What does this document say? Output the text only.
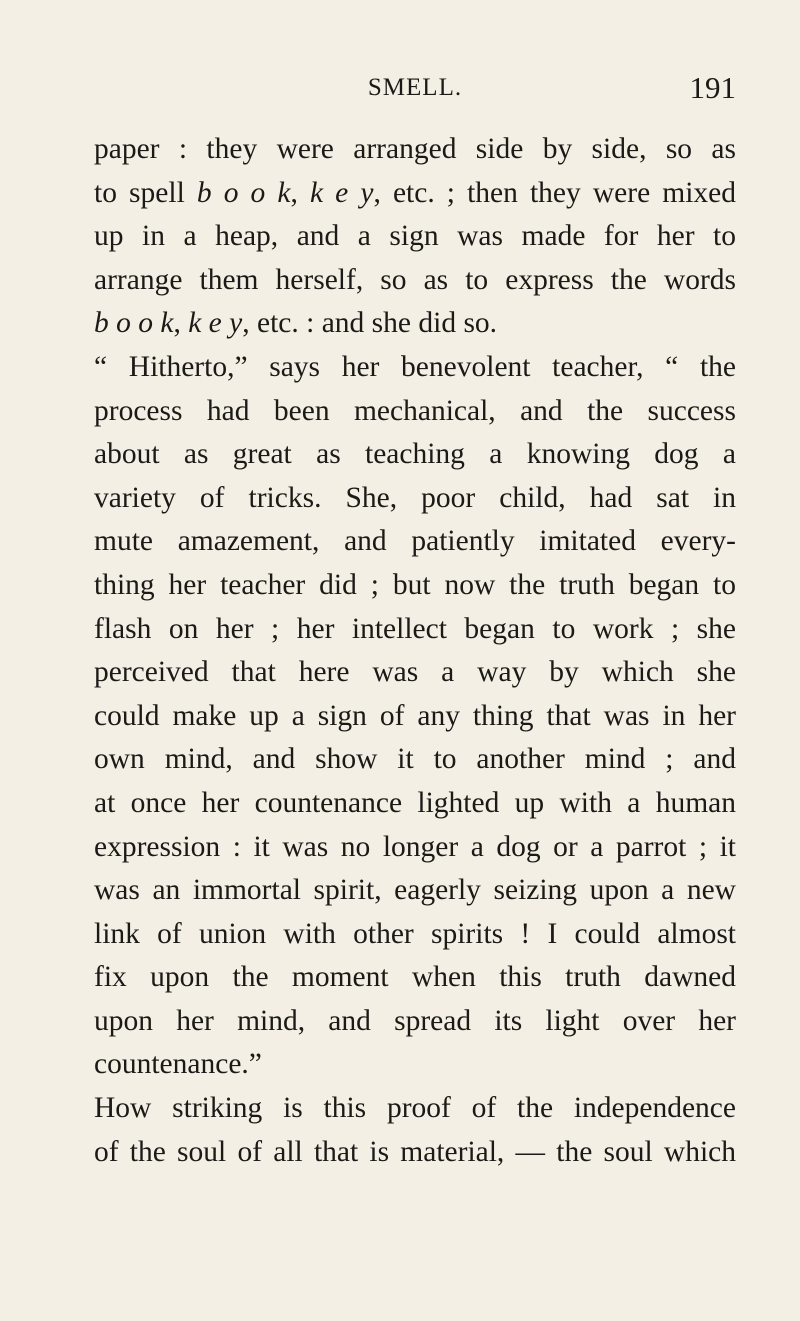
SMELL.	191
paper : they were arranged side by side, so as
to spell b o o k, k e y, etc. ; then they were mixed
up in a heap, and a sign was made for her to
arrange them herself, so as to express the words
b o o k, k e y, etc. : and she did so.
“ Hitherto,” says her benevolent teacher, “ the
process had been mechanical, and the success
about as great as teaching a knowing dog a
variety of tricks. She, poor child, had sat in
mute amazement, and patiently imitated every-
thing her teacher did ; but now the truth began to
flash on her ; her intellect began to work ; she
perceived that here was a way by which she
could make up a sign of any thing that was in her
own mind, and show it to another mind ; and
at once her countenance lighted up with a human
expression : it was no longer a dog or a parrot ; it
was an immortal spirit, eagerly seizing upon a new
link of union with other spirits ! I could almost
fix upon the moment when this truth dawned
upon her mind, and spread its light over her
countenance.”
How striking is this proof of the independence
of the soul of all that is material, — the soul which
